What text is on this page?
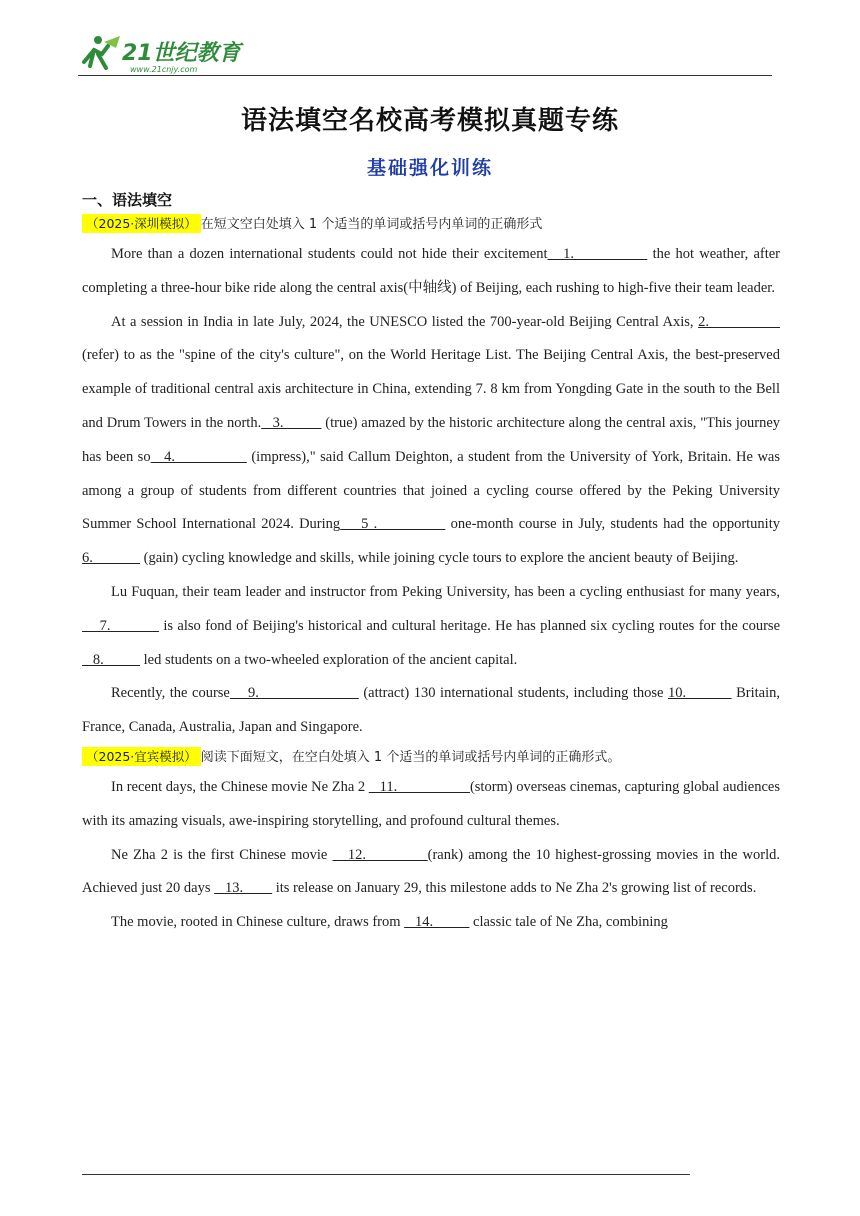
21世纪教育
www.21cnjy.com
语法填空名校高考模拟真题专练
基础强化训练
一、语法填空
（2025·深圳模拟） 在短文空白处填入 1 个适当的单词或括号内单词的正确形式

More than a dozen international students could not hide their excitement   1.               the hot weather, after completing a three-hour bike ride along the central axis(中轴线) of Beijing, each rushing to high-five their team leader.

At a session in India in late July, 2024, the UNESCO listed the 700-year-old Beijing Central Axis, 2.                 (refer) to as the "spine of the city's culture", on the World Heritage List. The Beijing Central Axis, the best-preserved example of traditional central axis architecture in China, extending 7. 8 km from Yongding Gate in the south to the Bell and Drum Towers in the north.   3.           (true) amazed by the historic architecture along the central axis, "This journey has been so   4.                 (impress)," said Callum Deighton, a student from the University of York, Britain. He was among a group of students from different countries that joined a cycling course offered by the Peking University Summer School International 2024. During    5 .              one-month course in July, students had the opportunity 6.              (gain) cycling knowledge and skills, while joining cycle tours to explore the ancient beauty of Beijing.

Lu Fuquan, their team leader and instructor from Peking University, has been a cycling enthusiast for many years,    7.            is also fond of Beijing's historical and cultural heritage. He has planned six cycling routes for the course   8.           led students on a two-wheeled exploration of the ancient capital.

Recently, the course    9.                       (attract) 130 international students, including those 10.           Britain, France, Canada, Australia, Japan and Singapore.

（2025·宜宾模拟） 阅读下面短文，在空白处填入 1 个适当的单词或括号内单词的正确形式。

In recent days, the Chinese movie Ne Zha 2    11.                    (storm) overseas cinemas, capturing global audiences with its amazing visuals, awe-inspiring storytelling, and profound cultural themes.

Ne Zha 2 is the first Chinese movie    12.            (rank) among the 10 highest-grossing movies in the world. Achieved just 20 days    13.         its release on January 29, this milestone adds to Ne Zha 2's growing list of records.

The movie, rooted in Chinese culture, draws from    14.           classic tale of Ne Zha, combining
